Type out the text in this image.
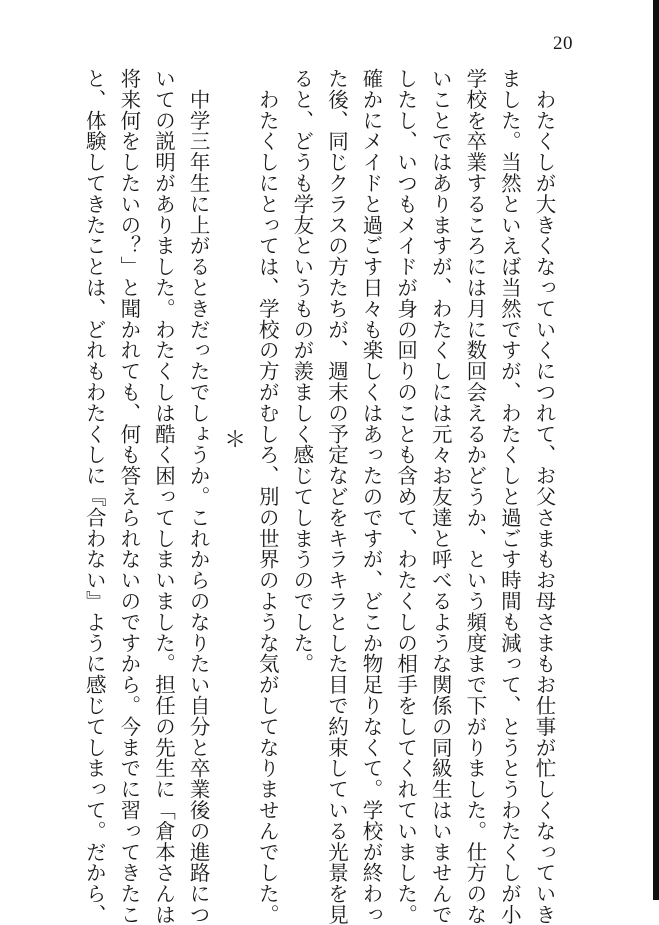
20

　わたくしが大きくなっていくにつれて、お父さまもお母さまもお仕事が忙しくなっていき

ました。当然といえば当然ですが、わたくしと過ごす時間も減って、とうとうわたくしが小

学校を卒業するころには月に数回会えるかどうか、という頻度まで下がりました。仕方のな

いことではありますが、わたくしには元々お友達と呼べるような関係の同級生はいませんで

したし、いつもメイドが身の回りのことも含めて、わたくしの相手をしてくれていました。

確かにメイドと過ごす日々も楽しくはあったのですが、どこか物足りなくて。学校が終わっ

た後、同じクラスの方たちが、週末の予定などをキラキラとした目で約束している光景を見

ると、どうも学友というものが羨ましく感じてしまうのでした。

　わたくしにとっては、学校の方がむしろ、別の世界のような気がしてなりませんでした。

＊

　中学三年生に上がるときだったでしょうか。これからのなりたい自分と卒業後の進路につ

いての説明がありました。わたくしは酷く困ってしまいました。担任の先生に「倉本さんは

将来何をしたいの？」と聞かれても、何も答えられないのですから。今までに習ってきたこ

と、体験してきたことは、どれもわたくしに『合わない』ように感じてしまって。だから、
